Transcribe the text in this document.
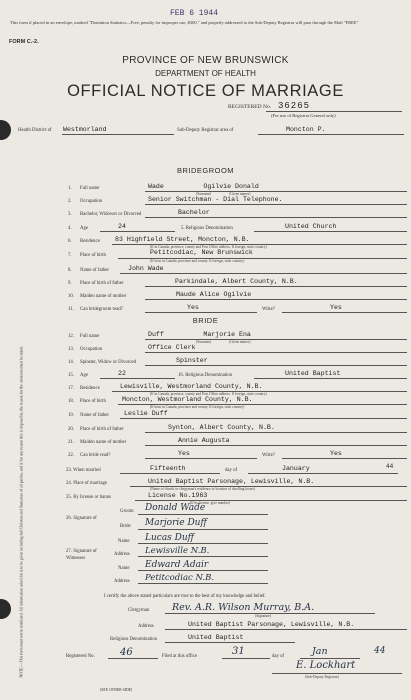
FEB 6 1944
This form if placed in an envelope, marked "Dominion Statistics—Free, penalty for improper use, $300," and properly addressed to the Sub-Deputy Registrar will pass through the Mail "FREE"
FORM C.-2.
PROVINCE OF NEW BRUNSWICK
DEPARTMENT OF HEALTH
OFFICIAL NOTICE OF MARRIAGE
REGISTERED No. 36265
(For use of Registrar General only)
Health District of Westmorland	Sub-Deputy Registrar area of	Moncton P.
NOTE:—This form must not be mutilated. All information asked for is to be given including full Christian and Surnames of all parties, and if for any reason this is impossible, the reason for the omission must be stated.
BRIDEGROOM
1. Full name	Wade          Ogilvie Donald
(Surname)                    (Given names)
2. Occupation	Senior Switchman - Dial Telephone.
3. Bachelor, Widower or Divorced	Bachelor
4. Age	24	5. Religious Denomination	United Church
6. Residence 83 Highfield Street, Moncton, N.B.
(If in Canada, province, county and Post Office address. If foreign, state country)
7. Place of birth	Petitcodiac, New Brunswick
(If born in Canada, province and county. If foreign, state country)
8. Name of father	John Wade
9. Place of birth of father	Parkindale, Albert County, N.B.
10. Maiden name of mother	Maude Alice Ogilvie
11. Can bridegroom read?	Yes	Write?	Yes
BRIDE
12. Full name	Duff          Marjorie Ena
(Surname)                    (Given names)
13. Occupation	Office Clerk
14. Spinster, Widow or Divorced	Spinster
15. Age	22	16. Religious Denomination	United Baptist
17. Residence	Lewisville, Westmorland County, N.B.
(If in Canada, province, county and Post Office address. If foreign, state country)
18. Place of birth Moncton, Westmorland County, N.B.
(If born in Canada, province and county. If foreign, state country)
19. Name of father Leslie Duff
20. Place of birth of father	Synton, Albert County, N.B.
21. Maiden name of mother	Annie Augusta
22. Can bride read?	Yes	Write?	Yes
23. When married	Fifteenth	day of	January	44
24. Place of marriage	United Baptist Parsonage, Lewisville, N.B.
(Name of church or clergyman's residence or location of dwelling house)
25. By license or banns	License No.1963
(If by license, give number)
26. Signature of
Groom Donald Wade
Bride Marjorie Duff
Name Lucas Duff
27. Signature of Witnesses
Address Lewisville N.B.
Name Edward Adair
Address Petitcodiac N.B.
I certify the above stated particulars are true to the best of my knowledge and belief.
Clergyman Rev. A.R. Wilson Murray, B.A.
(Signature)
Address	United Baptist Parsonage, Lewisville, N.B.
Religious Denomination	United Baptist
Registered No.	46	Filed at this office	31	day of	Jan	44
E. Lockhart
(Sub-Deputy Registrar)
[SEE OTHER SIDE]
